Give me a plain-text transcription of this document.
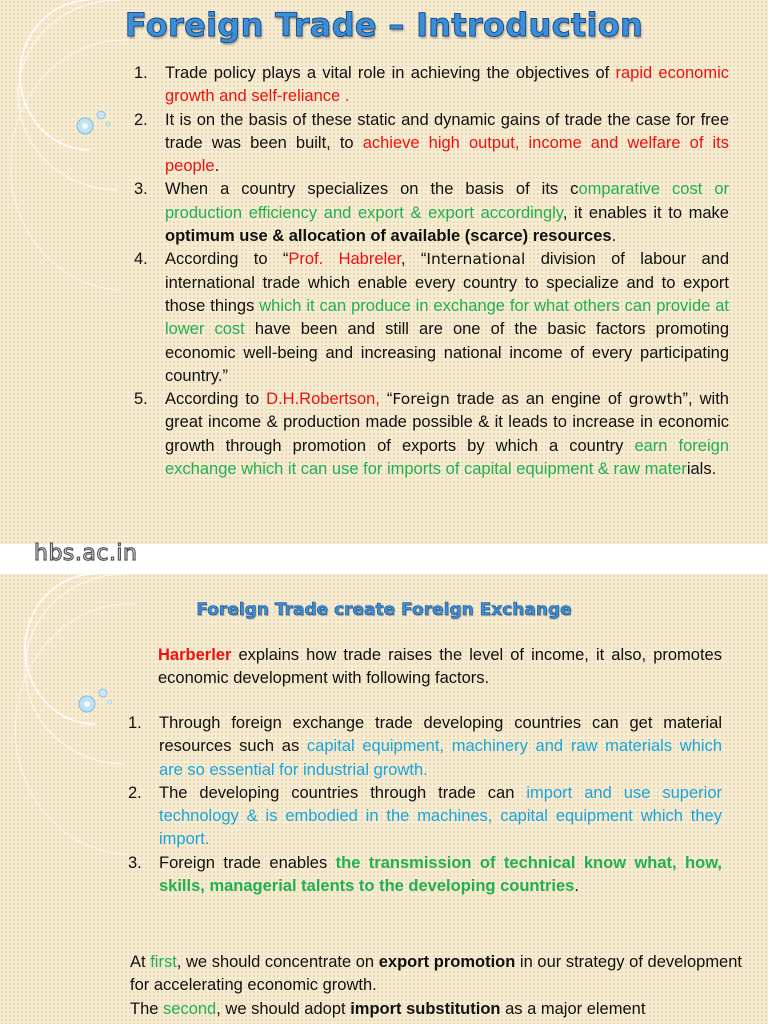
Foreign Trade – Introduction
1. Trade policy plays a vital role in achieving the objectives of rapid economic growth and self-reliance .
2. It is on the basis of these static and dynamic gains of trade the case for free trade was been built, to achieve high output, income and welfare of its people.
3. When a country specializes on the basis of its comparative cost or production efficiency and export & export accordingly, it enables it to make optimum use & allocation of available (scarce) resources.
4. According to “Prof. Habreler, “International division of labour and international trade which enable every country to specialize and to export those things which it can produce in exchange for what others can provide at lower cost have been and still are one of the basic factors promoting economic well-being and increasing national income of every participating country.”
5. According to D.H.Robertson, “Foreign trade as an engine of growth”, with great income & production made possible & it leads to increase in economic growth through promotion of exports by which a country earn foreign exchange which it can use for imports of capital equipment & raw materials.
hbs.ac.in
Foreign Trade create Foreign Exchange

Harberler explains how trade raises the level of income, it also, promotes economic development with following factors.

1. Through foreign exchange trade developing countries can get material resources such as capital equipment, machinery and raw materials which are so essential for industrial growth.
2. The developing countries through trade can import and use superior technology & is embodied in the machines, capital equipment which they import.
3. Foreign trade enables the transmission of technical know what, how, skills, managerial talents to the developing countries.

At first, we should concentrate on export promotion in our strategy of development for accelerating economic growth.
The second, we should adopt import substitution as a major element
